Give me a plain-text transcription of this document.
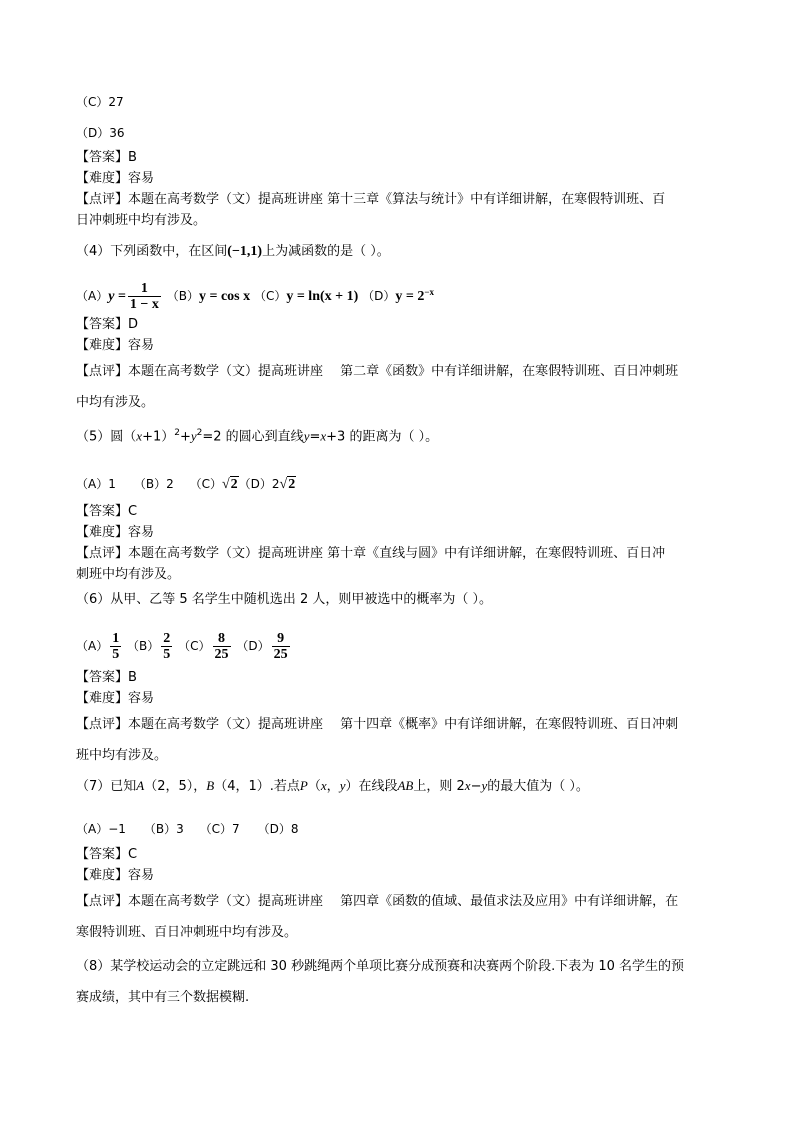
（C）27
（D）36
【答案】B
【难度】容易
【点评】本题在高考数学（文）提高班讲座 第十三章《算法与统计》中有详细讲解，在寒假特训班、百
日冲刺班中均有涉及。
（4）下列函数中，在区间(−1,1)上为减函数的是（ ）。
$(A)y = \frac{1}{1 - x} (B)y = \cos x$ （C）y = ln(x + 1) $(D)y = 2^{-x}$
【答案】D
【难度】容易
【点评】本题在高考数学（文）提高班讲座　 第二章《函数》中有详细讲解，在寒假特训班、百日冲刺班
中均有涉及。
（5）圆$(x+1)^2+y^2=2$ 的圆心到直线y=x+3 的距离为（ ）。
（A）1　　 （B）2　 （C）√2（D）2√2
【答案】C
【难度】容易
【点评】本题在高考数学（文）提高班讲座 第十章《直线与圆》中有详细讲解，在寒假特训班、百日冲
刺班中均有涉及。
（6）从甲、乙等 5 名学生中随机选出 2 人，则甲被选中的概率为（ ）。
$(A) \frac{1}{5} (B) \frac{2}{5} (C) \frac{8}{25} (D) \frac{9}{25}$
【答案】B
【难度】容易
【点评】本题在高考数学（文）提高班讲座　 第十四章《概率》中有详细讲解，在寒假特训班、百日冲刺
班中均有涉及。
（7）已知A（2，5），B（4，1）.若点P（x，y）在线段AB上，则 2x−y的最大值为（ ）。
（A）−1　　（B）3　 （C）7　　（D）8
【答案】C
【难度】容易
【点评】本题在高考数学（文）提高班讲座　 第四章《函数的值域、最值求法及应用》中有详细讲解，在
寒假特训班、百日冲刺班中均有涉及。
（8）某学校运动会的立定跳远和 30 秒跳绳两个单项比赛分成预赛和决赛两个阶段.下表为 10 名学生的预
赛成绩，其中有三个数据模糊.
